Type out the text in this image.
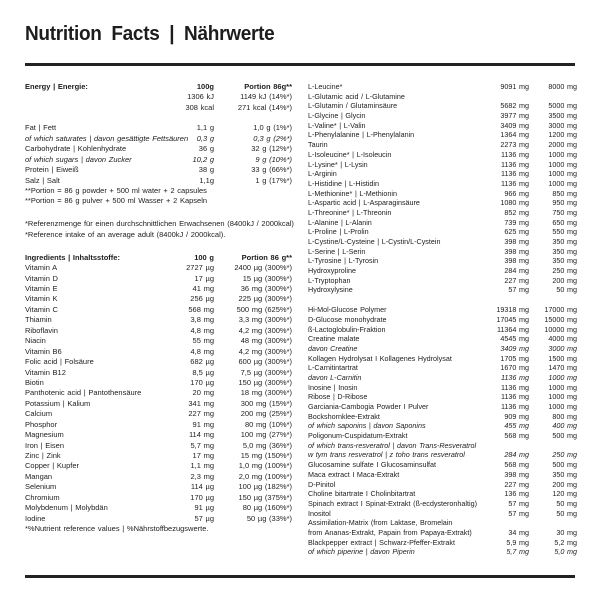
Nutrition Facts | Nährwerte
Energy | Energie:	100g	Portion 86g**
1306 kJ	1149 kJ (14%*)
308 kcal	271 kcal (14%*)
Fat | Fett	1,1 g	1,0 g (1%*)
of which saturates | davon gesättigte Fettsäuren	0,3 g	0,3 g (2%*)
Carbohydrate | Kohlenhydrate	36 g	32 g (12%*)
of which sugars | davon Zucker	10,2 g	9 g (10%*)
Protein | Eiweiß	38 g	33 g (66%*)
Salz | Salt	1,1g	1 g (17%*)
**Portion = 86 g powder + 500 ml water + 2 capsules
**Portion = 86 g pulver + 500 ml Wasser + 2 Kapseln
*Referenzmenge für einen durchschnittlichen Erwachsenen (8400kJ / 2000kcal)
*Reference intake of an average adult (8400kJ / 2000kcal).
Ingredients | Inhaltsstoffe:	100 g	Portion 86 g**
Vitamin A	2727 µg	2400 µg (300%*)
Vitamin D	17 µg	15 µg (300%*)
Vitamin E	41 mg	36 mg (300%*)
Vitamin K	256 µg	225 µg (300%*)
Vitamin C	568 mg	500 mg (625%*)
Thiamin	3,8 mg	3,3 mg (300%*)
Riboflavin	4,8 mg	4,2 mg (300%*)
Niacin	55 mg	48 mg (300%*)
Vitamin B6	4,8 mg	4,2 mg (300%*)
Folic acid | Folsäure	682 µg	600 µg (300%*)
Vitamin B12	8,5 µg	7,5 µg (300%*)
Biotin	170 µg	150 µg (300%*)
Panthotenic acid | Pantothensäure	20 mg	18 mg (300%*)
Potassium | Kalium	341 mg	300 mg (15%*)
Calcium	227 mg	200 mg (25%*)
Phosphor	91 mg	80 mg (10%*)
Magnesium	114 mg	100 mg (27%*)
Iron | Eisen	5,7 mg	5,0 mg (36%*)
Zinc | Zink	17 mg	15 mg (150%*)
Copper | Kupfer	1,1 mg	1,0 mg (100%*)
Mangan	2,3 mg	2,0 mg (100%*)
Selenium	114 µg	100 µg (182%*)
Chromium	170 µg	150 µg (375%*)
Molybdenum | Molybdän	91 µg	80 µg (160%*)
Iodine	57 µg	50 µg (33%*)
*%Nutrient reference values | %Nährstoffbezugswerte.
L-Leucine*	9091 mg	8000 mg
L-Glutamic acid / L-Glutamine
L-Glutamin / Glutaminsäure	5682 mg	5000 mg
L-Glycine | Glycin	3977 mg	3500 mg
L-Valine* | L-Valin	3409 mg	3000 mg
L-Phenylalanine | L-Phenylalanin	1364 mg	1200 mg
Taurin	2273 mg	2000 mg
L-Isoleucine* | L-Isoleucin	1136 mg	1000 mg
L-Lysine* | L-Lysin	1136 mg	1000 mg
L-Arginin	1136 mg	1000 mg
L-Histidine | L-Histidin	1136 mg	1000 mg
L-Methionine* | L-Methionin	966 mg	850 mg
L-Aspartic acid | L-Asparaginsäure	1080 mg	950 mg
L-Threonine* | L-Threonin	852 mg	750 mg
L-Alanine | L-Alanin	739 mg	650 mg
L-Proline | L-Prolin	625 mg	550 mg
L-Cystine/L-Cysteine | L-Cystin/L-Cystein	398 mg	350 mg
L-Serine | L-Serin	398 mg	350 mg
L-Tyrosine | L-Tyrosin	398 mg	350 mg
Hydroxyproline	284 mg	250 mg
L-Tryptophan	227 mg	200 mg
Hydroxylysine	57 mg	50 mg
Hi-Mol-Glucose Polymer	19318 mg	17000 mg
D-Glucose monohydrate	17045 mg	15000 mg
ß-Lactoglobulin-Fraktion	11364 mg	10000 mg
Creatine malate	4545 mg	4000 mg
davon Creatine	3409 mg	3000 mg
Kollagen Hydrolysat I Kollagenes Hydrolysat	1705 mg	1500 mg
L-Carnitintartrat	1670 mg	1470 mg
davon L-Carnitin	1136 mg	1000 mg
Inosine | Inosin	1136 mg	1000 mg
Ribose | D-Ribose	1136 mg	1000 mg
Garciania-Cambogia Powder I Pulver	1136 mg	1000 mg
Bockshornklee-Extrakt	909 mg	800 mg
of which saponins | davon Saponins	455 mg	400 mg
Poligonum-Cuspidatum-Extrakt	568 mg	500 mg
of which trans-resveratrol | davon Trans-Resveratrol
w tym trans resveratrol | z toho trans resveratrol	284 mg	250 mg
Glucosamine sulfate I Glucosaminsulfat	568 mg	500 mg
Maca extract I Maca-Extrakt	398 mg	350 mg
D-Pinitol	227 mg	200 mg
Choline bitartrate I Cholinbitartrat	136 mg	120 mg
Spinach extract I Spinat-Extrakt (ß-ecdysteronhaltig)	57 mg	50 mg
Inositol	57 mg	50 mg
Assimilation-Matrix (from Laktase, Bromelain
from Ananas-Extrakt, Papain from Papaya-Extrakt)	34 mg	30 mg
Blackpepper extract | Schwarz-Pfeffer-Extrakt	5,9 mg	5,2 mg
of which piperine | davon Piperin	5,7 mg	5,0 mg
